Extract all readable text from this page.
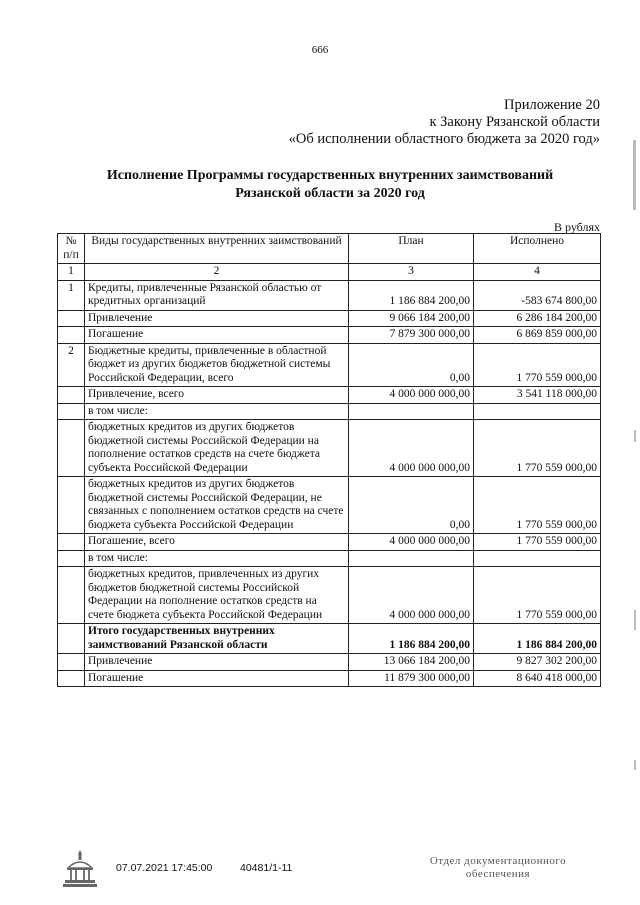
666
Приложение 20
к Закону Рязанской области
«Об исполнении областного бюджета за 2020 год»
Исполнение Программы государственных внутренних заимствований
Рязанской области за 2020 год
В рублях
№ п/п	Виды государственных внутренних заимствований	План	Исполнено
1	2	3	4
1	Кредиты, привлеченные Рязанской областью от кредитных организаций	1 186 884 200,00	-583 674 800,00
	Привлечение	9 066 184 200,00	6 286 184 200,00
	Погашение	7 879 300 000,00	6 869 859 000,00
2	Бюджетные кредиты, привлеченные в областной бюджет из других бюджетов бюджетной системы Российской Федерации, всего	0,00	1 770 559 000,00
	Привлечение, всего	4 000 000 000,00	3 541 118 000,00
	в том числе:		
	бюджетных кредитов из других бюджетов бюджетной системы Российской Федерации на пополнение остатков средств на счете бюджета субъекта Российской Федерации	4 000 000 000,00	1 770 559 000,00
	бюджетных кредитов из других бюджетов бюджетной системы Российской Федерации, не связанных с пополнением остатков средств на счете бюджета субъекта Российской Федерации	0,00	1 770 559 000,00
	Погашение, всего	4 000 000 000,00	1 770 559 000,00
	в том числе:		
	бюджетных кредитов, привлеченных из других бюджетов бюджетной системы Российской Федерации на пополнение остатков средств на счете бюджета субъекта Российской Федерации	4 000 000 000,00	1 770 559 000,00
	Итого государственных внутренних заимствований Рязанской области	1 186 884 200,00	1 186 884 200,00
	Привлечение	13 066 184 200,00	9 827 302 200,00
	Погашение	11 879 300 000,00	8 640 418 000,00
07.07.2021 17:45:00	40481/1-11
Отдел документационного
обеспечения
